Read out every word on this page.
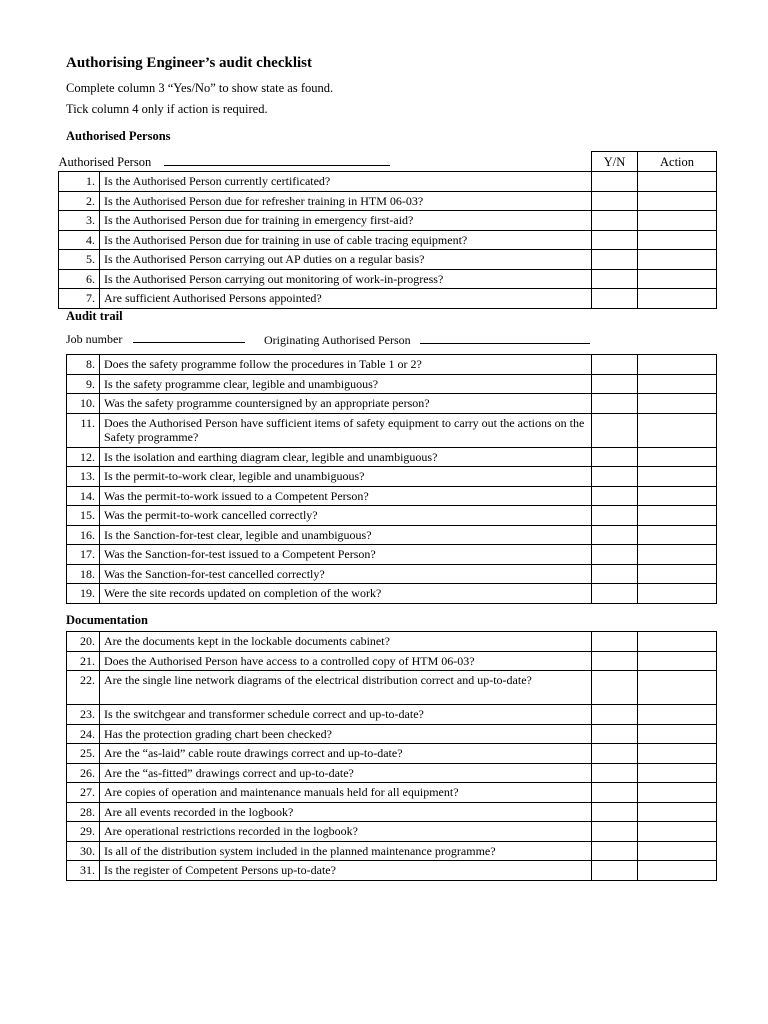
Authorising Engineer’s audit checklist
Complete column 3 “Yes/No” to show state as found.
Tick column 4 only if action is required.
Authorised Persons
Authorised Person		Y/N	Action
1.	Is the Authorised Person currently certificated?		
2.	Is the Authorised Person due for refresher training in HTM 06-03?		
3.	Is the Authorised Person due for training in emergency first-aid?		
4.	Is the Authorised Person due for training in use of cable tracing equipment?		
5.	Is the Authorised Person carrying out AP duties on a regular basis?		
6.	Is the Authorised Person carrying out monitoring of work-in-progress?		
7.	Are sufficient Authorised Persons appointed?		
Audit trail
Job number	Originating Authorised Person
8.	Does the safety programme follow the procedures in Table 1 or 2?		
9.	Is the safety programme clear, legible and unambiguous?		
10.	Was the safety programme countersigned by an appropriate person?		
11.	Does the Authorised Person have sufficient items of safety equipment to carry out the actions on the Safety programme?		
12.	Is the isolation and earthing diagram clear, legible and unambiguous?		
13.	Is the permit-to-work clear, legible and unambiguous?		
14.	Was the permit-to-work issued to a Competent Person?		
15.	Was the permit-to-work cancelled correctly?		
16.	Is the Sanction-for-test clear, legible and unambiguous?		
17.	Was the Sanction-for-test issued to a Competent Person?		
18.	Was the Sanction-for-test cancelled correctly?		
19.	Were the site records updated on completion of the work?		
Documentation
20.	Are the documents kept in the lockable documents cabinet?		
21.	Does the Authorised Person have access to a controlled copy of HTM 06-03?		
22.	Are the single line network diagrams of the electrical distribution correct and up-to-date?		
23.	Is the switchgear and transformer schedule correct and up-to-date?		
24.	Has the protection grading chart been checked?		
25.	Are the “as-laid” cable route drawings correct and up-to-date?		
26.	Are the “as-fitted” drawings correct and up-to-date?		
27.	Are copies of operation and maintenance manuals held for all equipment?		
28.	Are all events recorded in the logbook?		
29.	Are operational restrictions recorded in the logbook?		
30.	Is all of the distribution system included in the planned maintenance programme?		
31.	Is the register of Competent Persons up-to-date?		
